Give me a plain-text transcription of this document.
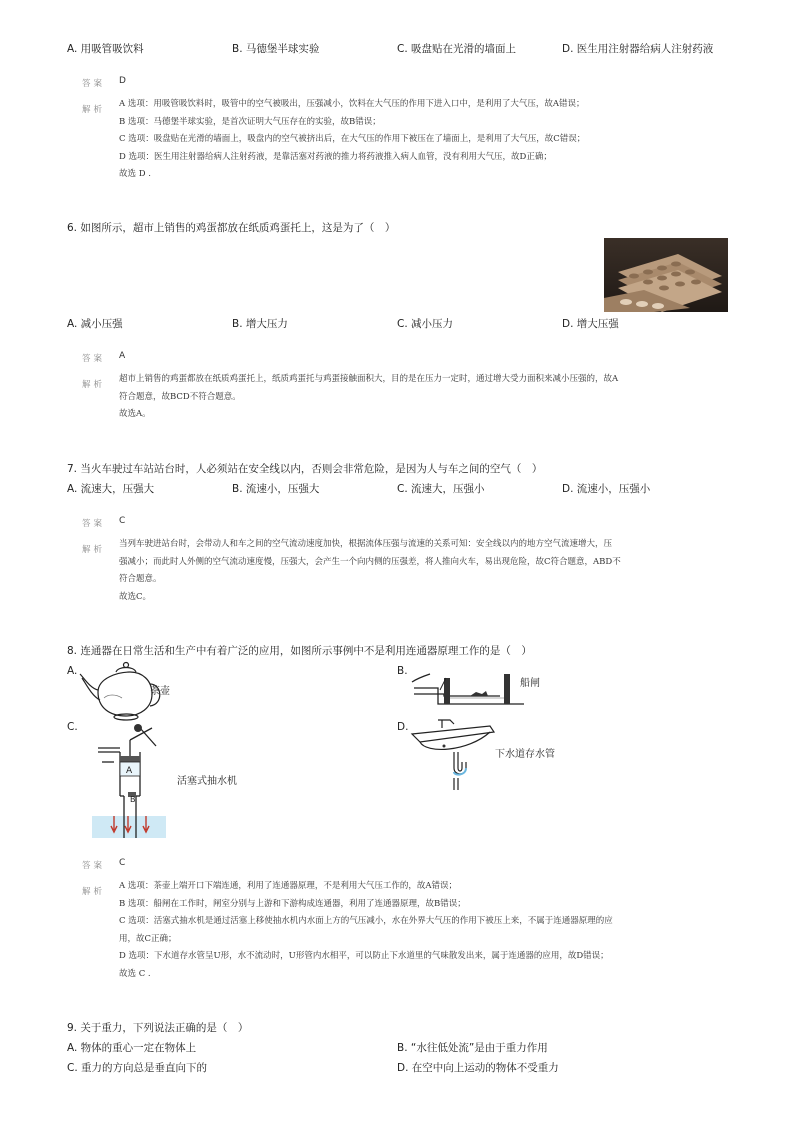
A. 用吸管吸饮料	B. 马德堡半球实验	C. 吸盘贴在光滑的墙面上	D. 医生用注射器给病人注射药液
答案 D
解析
A 选项：用吸管吸饮料时，吸管中的空气被吸出，压强减小，饮料在大气压的作用下进入口中，是利用了大气压，故A错误；
B 选项：马德堡半球实验，是首次证明大气压存在的实验，故B错误；
C 选项：吸盘贴在光滑的墙面上，吸盘内的空气被挤出后，在大气压的作用下被压在了墙面上，是利用了大气压，故C错误；
D 选项：医生用注射器给病人注射药液，是靠活塞对药液的推力将药液推入病人血管，没有利用大气压，故D正确；
故选 D .
6. 如图所示，超市上销售的鸡蛋都放在纸质鸡蛋托上，这是为了（　）
A. 减小压强	B. 增大压力	C. 减小压力	D. 增大压强
答案 A
解析
超市上销售的鸡蛋都放在纸质鸡蛋托上，纸质鸡蛋托与鸡蛋接触面积大，目的是在压力一定时，通过增大受力面积来减小压强的，故A
符合题意，故BCD不符合题意。
故选A。
7. 当火车驶过车站站台时，人必须站在安全线以内，否则会非常危险，是因为人与车之间的空气（　）
A. 流速大，压强大	B. 流速小，压强大	C. 流速大，压强小	D. 流速小，压强小
答案 C
解析
当列车驶进站台时，会带动人和车之间的空气流动速度加快，根据流体压强与流速的关系可知：安全线以内的地方空气流速增大，压
强减小；而此时人外侧的空气流动速度慢，压强大，会产生一个向内侧的压强差，将人推向火车，易出现危险，故C符合题意，ABD不
符合题意。
故选C。
8. 连通器在日常生活和生产中有着广泛的应用，如图所示事例中不是利用连通器原理工作的是（　）
A.
茶壶
B.
船闸
C.
A
B
活塞式抽水机
D.
下水道存水管
答案 C
解析
A 选项：茶壶上端开口下端连通，利用了连通器原理，不是利用大气压工作的，故A错误；
B 选项：船闸在工作时，闸室分别与上游和下游构成连通器，利用了连通器原理，故B错误；
C 选项：活塞式抽水机是通过活塞上移使抽水机内水面上方的气压减小，水在外界大气压的作用下被压上来，不属于连通器原理的应
用，故C正确；
D 选项：下水道存水管呈U形，水不流动时，U形管内水相平，可以防止下水道里的气味散发出来，属于连通器的应用，故D错误；
故选 C .
9. 关于重力，下列说法正确的是（　）
A. 物体的重心一定在物体上	B. “水往低处流”是由于重力作用
C. 重力的方向总是垂直向下的	D. 在空中向上运动的物体不受重力
